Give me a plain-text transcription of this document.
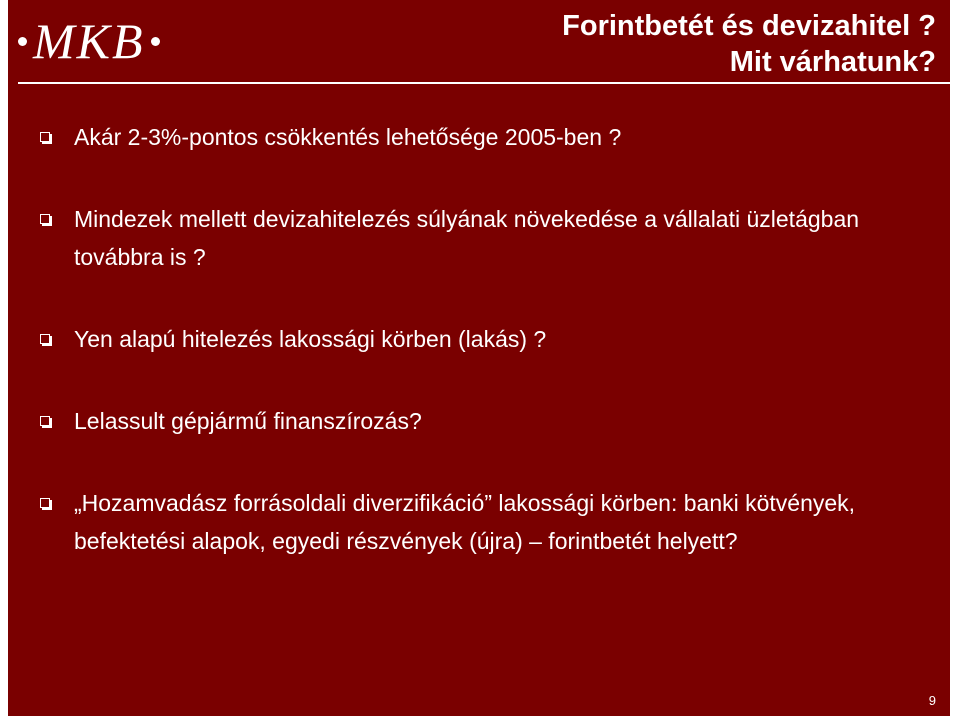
MKB	Forintbetét és devizahitel ?
Mit várhatunk?
Akár 2-3%-pontos csökkentés lehetősége 2005-ben ?
Mindezek mellett devizahitelezés súlyának növekedése a vállalati üzletágban továbbra is ?
Yen alapú hitelezés lakossági körben (lakás) ?
Lelassult gépjármű finanszírozás?
„Hozamvadász forrásoldali diverzifikáció” lakossági körben: banki kötvények, befektetési alapok, egyedi részvények (újra) – forintbetét helyett?
9
